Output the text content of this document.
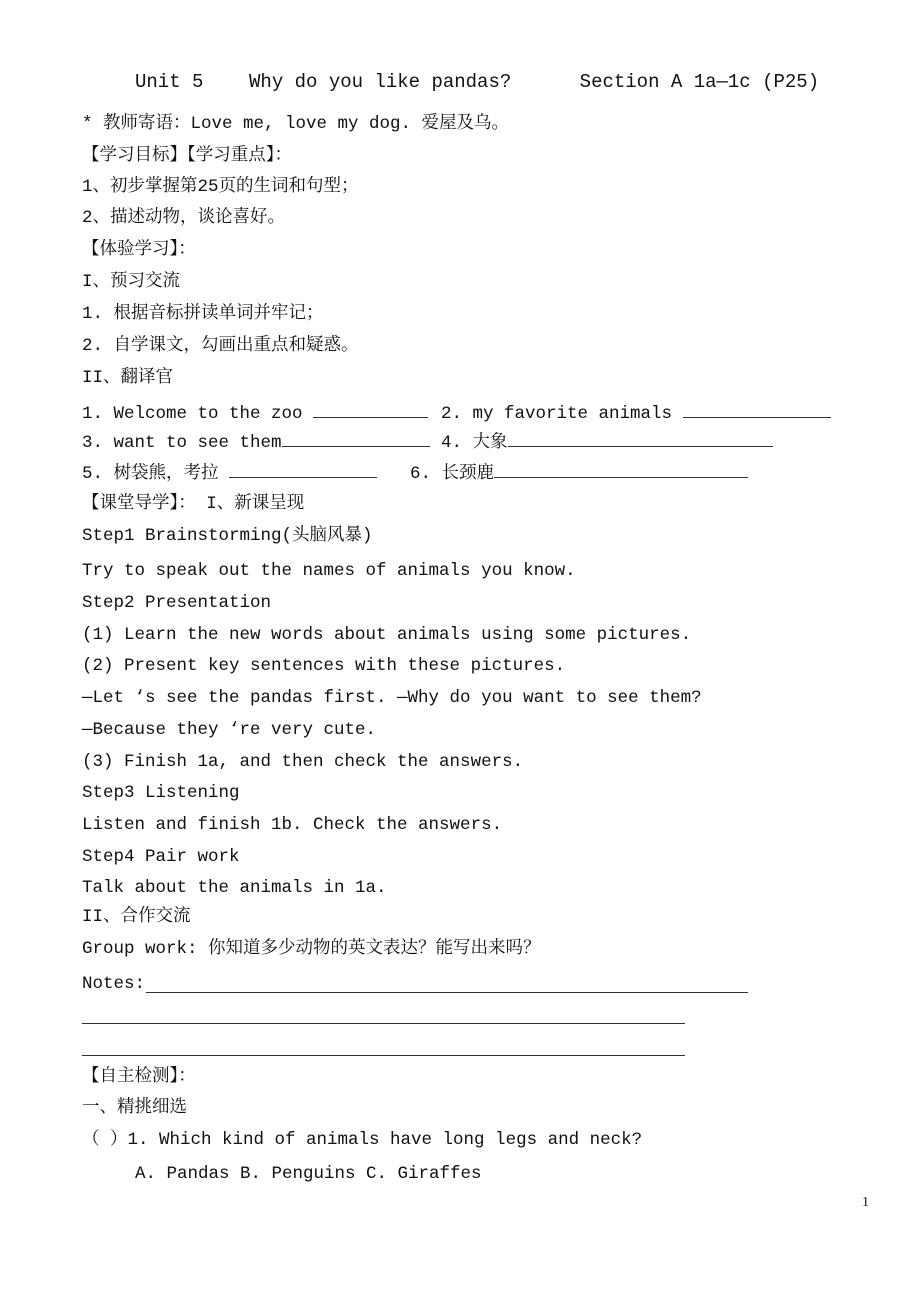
Unit 5    Why do you like pandas?      Section A 1a—1c (P25)
* 教师寄语：Love me, love my dog. 爱屋及乌。
【学习目标】【学习重点】：
1、初步掌握第25页的生词和句型；
2、描述动物，谈论喜好。
【体验学习】：
I、预习交流
1. 根据音标拼读单词并牢记；
2. 自学课文，勾画出重点和疑惑。
II、翻译官
1. Welcome to the zoo	2. my favorite animals
3. want to see them	4. 大象
5. 树袋熊，考拉	6. 长颈鹿
【课堂导学】： I、新课呈现
Step1 Brainstorming(头脑风暴)
Try to speak out the names of animals you know.
Step2 Presentation
(1) Learn the new words about animals using some pictures.
(2) Present key sentences with these pictures.
—Let ‘s see the pandas first. —Why do you want to see them?
—Because they ‘re very cute.
(3) Finish 1a, and then check the answers.
Step3 Listening
Listen and finish 1b. Check the answers.
Step4 Pair work
Talk about the animals in 1a.
II、合作交流
Group work: 你知道多少动物的英文表达？能写出来吗？
Notes:
【自主检测】：
一、精挑细选
（ ）1. Which kind of animals have long legs and neck?
A. Pandas B. Penguins C. Giraffes
1
